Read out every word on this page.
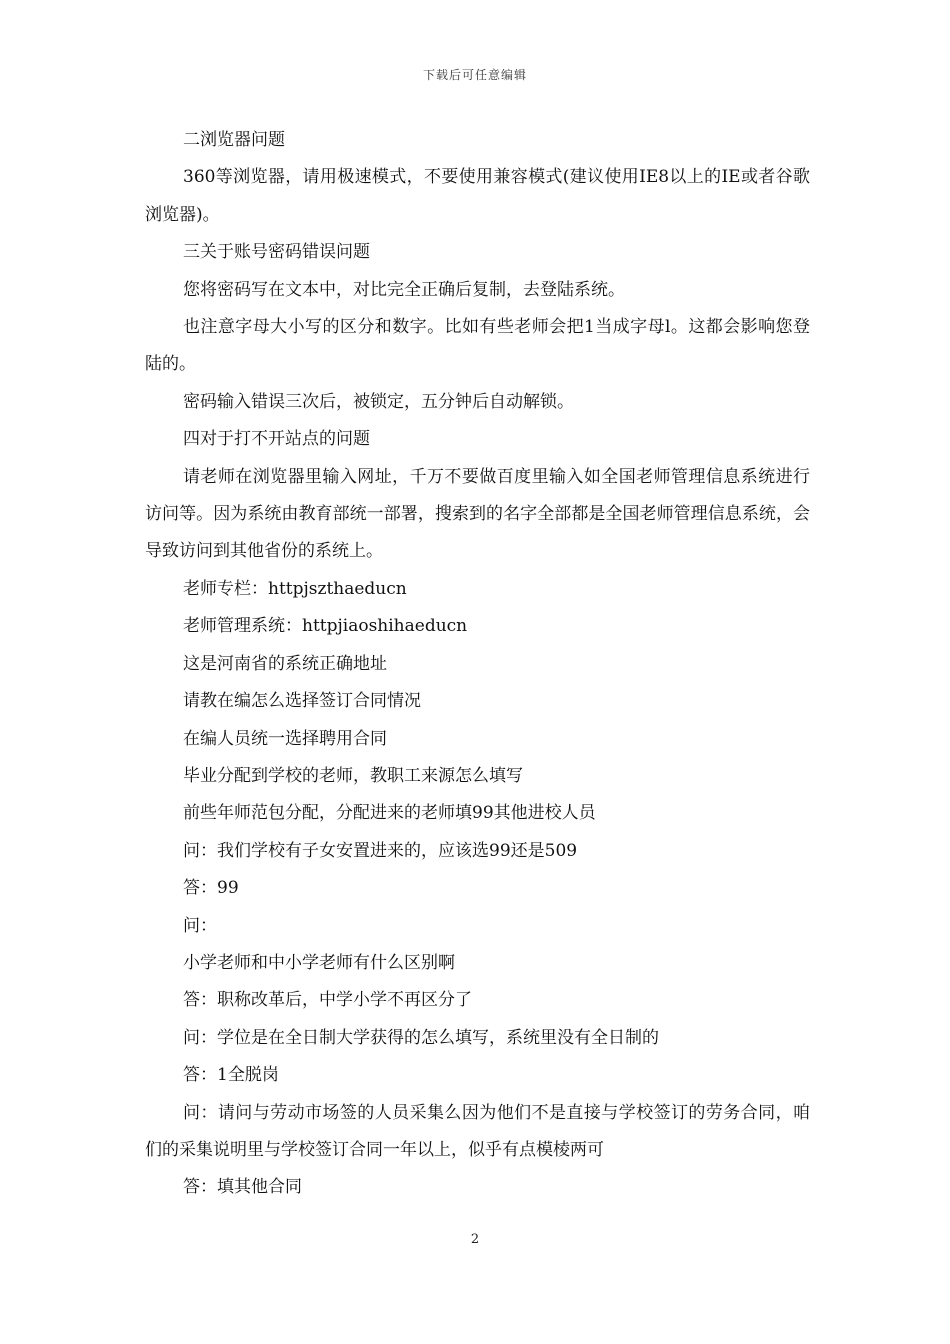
下载后可任意编辑

二浏览器问题

360等浏览器，请用极速模式，不要使用兼容模式(建议使用IE8以上的IE或者谷歌浏览器)。

三关于账号密码错误问题

您将密码写在文本中，对比完全正确后复制，去登陆系统。

也注意字母大小写的区分和数字。比如有些老师会把1当成字母l。这都会影响您登陆的。

密码输入错误三次后，被锁定，五分钟后自动解锁。

四对于打不开站点的问题

请老师在浏览器里输入网址，千万不要做百度里输入如全国老师管理信息系统进行访问等。因为系统由教育部统一部署，搜索到的名字全部都是全国老师管理信息系统，会导致访问到其他省份的系统上。

老师专栏：httpjszthaeducn

老师管理系统：httpjiaoshihaeducn

这是河南省的系统正确地址

请教在编怎么选择签订合同情况

在编人员统一选择聘用合同

毕业分配到学校的老师，教职工来源怎么填写

前些年师范包分配，分配进来的老师填99其他进校人员

问：我们学校有子女安置进来的，应该选99还是509

答：99

问：

小学老师和中小学老师有什么区别啊

答：职称改革后，中学小学不再区分了

问：学位是在全日制大学获得的怎么填写，系统里没有全日制的

答：1全脱岗

问：请问与劳动市场签的人员采集么因为他们不是直接与学校签订的劳务合同，咱们的采集说明里与学校签订合同一年以上，似乎有点模棱两可

答：填其他合同

2
